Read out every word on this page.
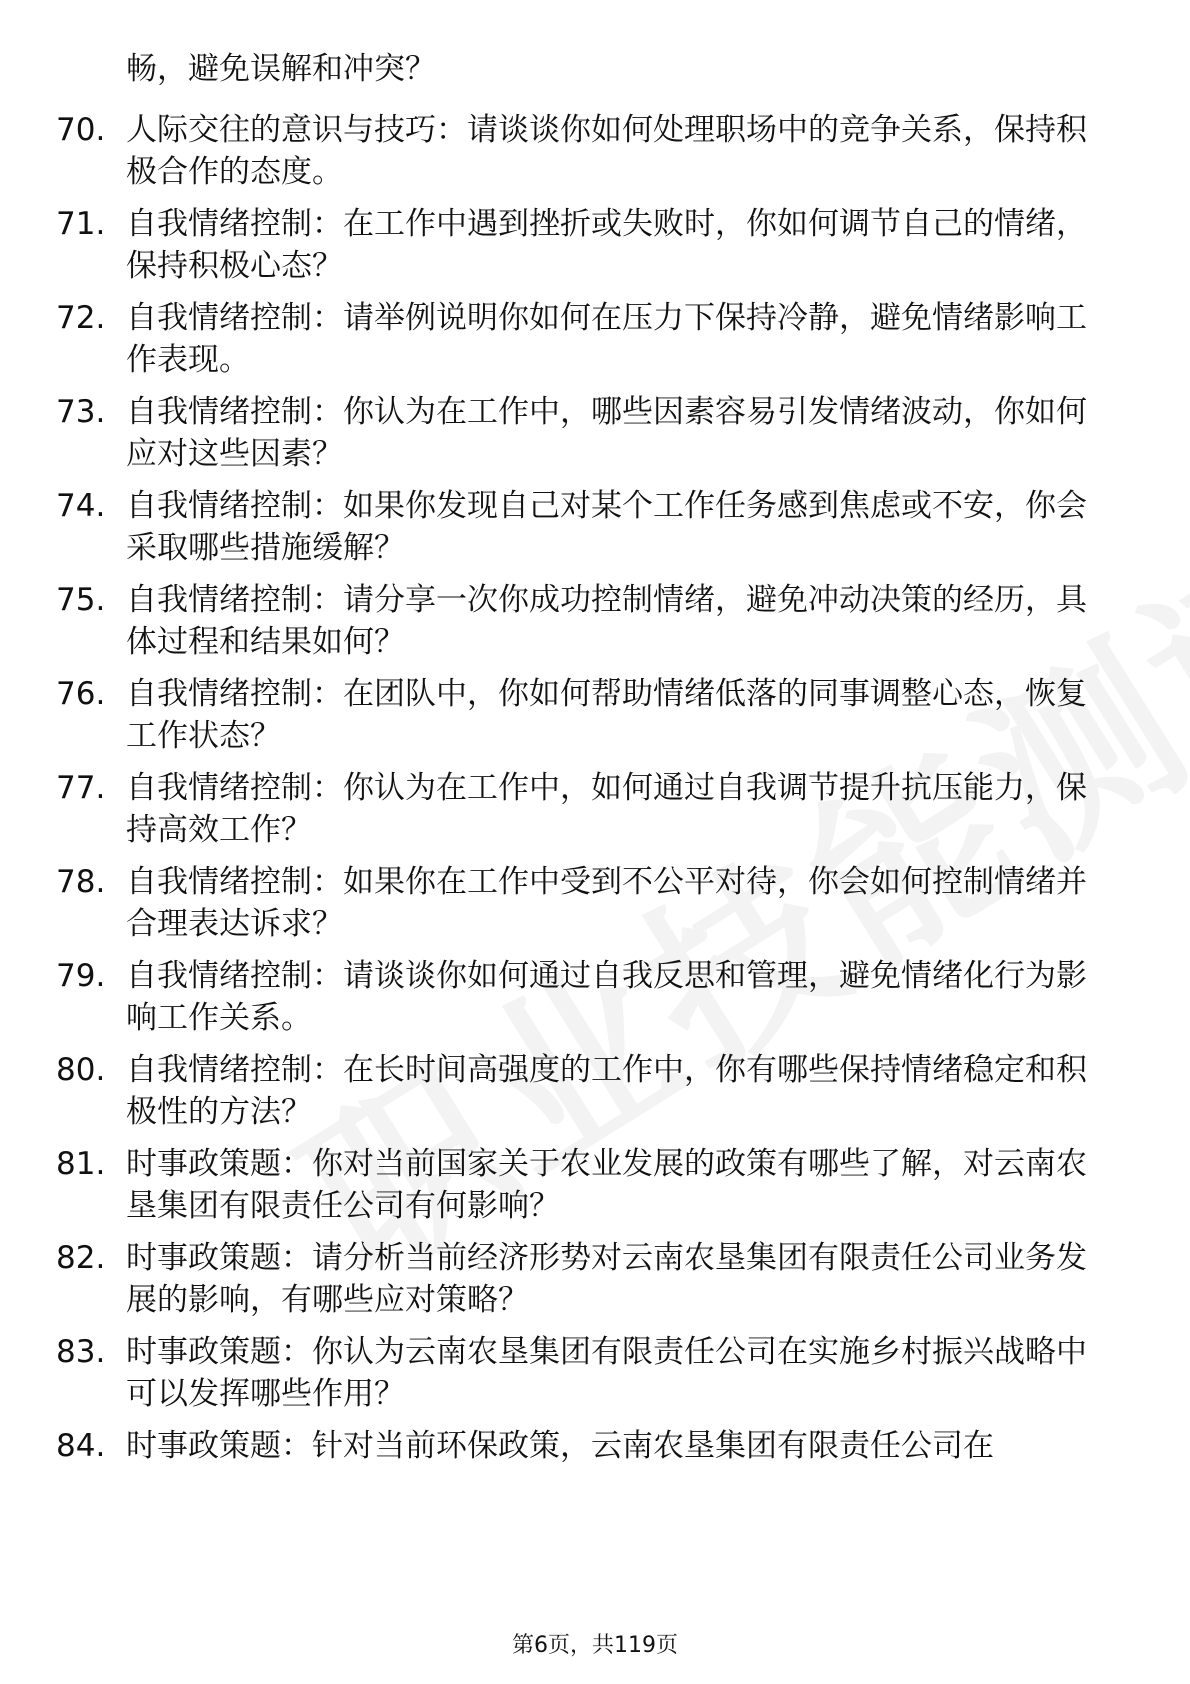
畅，避免误解和冲突？
70. 人际交往的意识与技巧：请谈谈你如何处理职场中的竞争关系，保持积极合作的态度。
71. 自我情绪控制：在工作中遇到挫折或失败时，你如何调节自己的情绪，保持积极心态？
72. 自我情绪控制：请举例说明你如何在压力下保持冷静，避免情绪影响工作表现。
73. 自我情绪控制：你认为在工作中，哪些因素容易引发情绪波动，你如何应对这些因素？
74. 自我情绪控制：如果你发现自己对某个工作任务感到焦虑或不安，你会采取哪些措施缓解？
75. 自我情绪控制：请分享一次你成功控制情绪，避免冲动决策的经历，具体过程和结果如何？
76. 自我情绪控制：在团队中，你如何帮助情绪低落的同事调整心态，恢复工作状态？
77. 自我情绪控制：你认为在工作中，如何通过自我调节提升抗压能力，保持高效工作？
78. 自我情绪控制：如果你在工作中受到不公平对待，你会如何控制情绪并合理表达诉求？
79. 自我情绪控制：请谈谈你如何通过自我反思和管理，避免情绪化行为影响工作关系。
80. 自我情绪控制：在长时间高强度的工作中，你有哪些保持情绪稳定和积极性的方法？
81. 时事政策题：你对当前国家关于农业发展的政策有哪些了解，对云南农垦集团有限责任公司有何影响？
82. 时事政策题：请分析当前经济形势对云南农垦集团有限责任公司业务发展的影响，有哪些应对策略？
83. 时事政策题：你认为云南农垦集团有限责任公司在实施乡村振兴战略中可以发挥哪些作用？
84. 时事政策题：针对当前环保政策，云南农垦集团有限责任公司在
第6页，共119页
